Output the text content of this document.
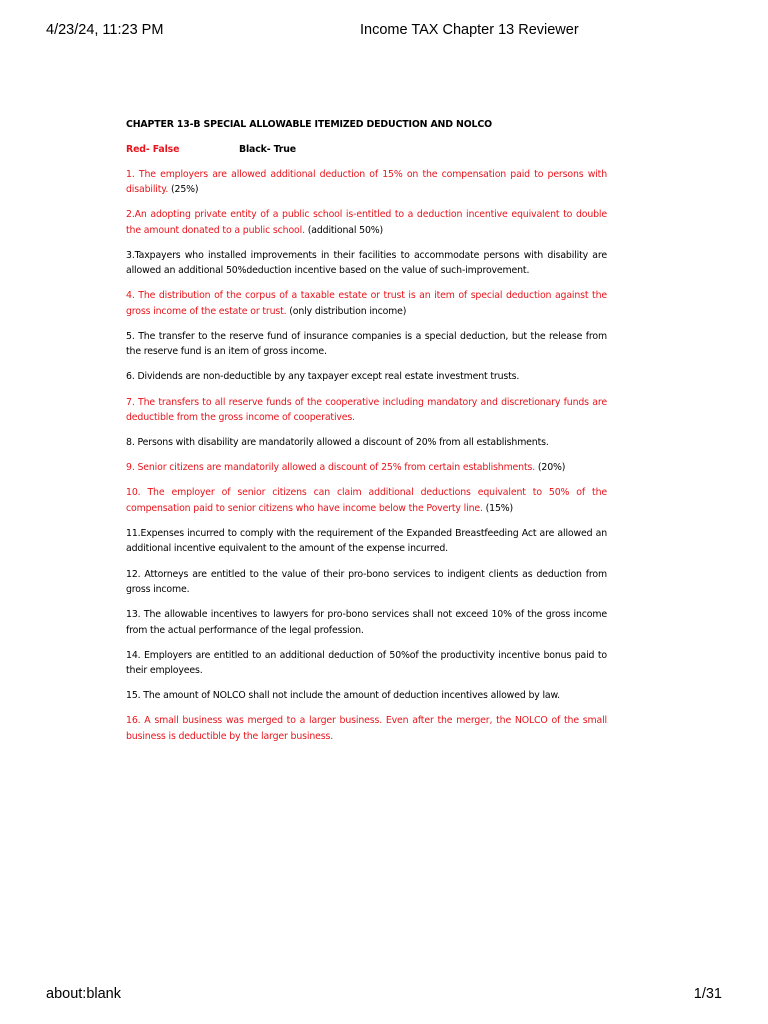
4/23/24, 11:23 PM	Income TAX Chapter 13 Reviewer
CHAPTER 13-B SPECIAL ALLOWABLE ITEMIZED DEDUCTION AND NOLCO
Red- False	Black- True
1. The employers are allowed additional deduction of 15% on the compensation paid to persons with disability. (25%)
2.An adopting private entity of a public school is-entitled to a deduction incentive equivalent to double the amount donated to a public school. (additional 50%)
3.Taxpayers who installed improvements in their facilities to accommodate persons with disability are allowed an additional 50%deduction incentive based on the value of such-improvement.
4. The distribution of the corpus of a taxable estate or trust is an item of special deduction against the gross income of the estate or trust. (only distribution income)
5. The transfer to the reserve fund of insurance companies is a special deduction, but the release from the reserve fund is an item of gross income.
6. Dividends are non-deductible by any taxpayer except real estate investment trusts.
7. The transfers to all reserve funds of the cooperative including mandatory and discretionary funds are deductible from the gross income of cooperatives.
8. Persons with disability are mandatorily allowed a discount of 20% from all establishments.
9. Senior citizens are mandatorily allowed a discount of 25% from certain establishments. (20%)
10. The employer of senior citizens can claim additional deductions equivalent to 50% of the compensation paid to senior citizens who have income below the Poverty line. (15%)
11.Expenses incurred to comply with the requirement of the Expanded Breastfeeding Act are allowed an additional incentive equivalent to the amount of the expense incurred.
12. Attorneys are entitled to the value of their pro-bono services to indigent clients as deduction from gross income.
13. The allowable incentives to lawyers for pro-bono services shall not exceed 10% of the gross income from the actual performance of the legal profession.
14. Employers are entitled to an additional deduction of 50%of the productivity incentive bonus paid to their employees.
15. The amount of NOLCO shall not include the amount of deduction incentives allowed by law.
16. A small business was merged to a larger business. Even after the merger, the NOLCO of the small business is deductible by the larger business.
about:blank	1/31
